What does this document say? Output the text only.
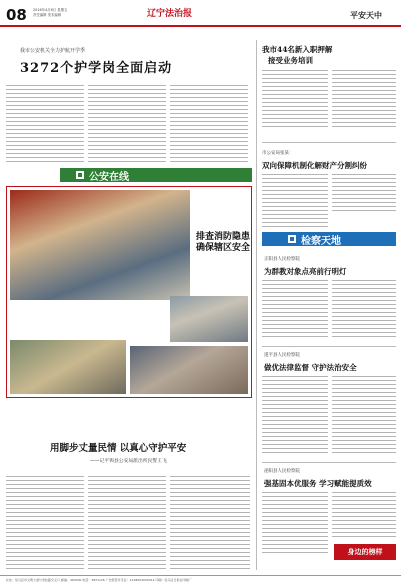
08 2016年4月8日 星期五
责任编辑 美术编辑	辽宁法治报	平安天中
我市公安机关全力护航开学季
3272个护学岗全面启动
我市44名新入职押解
接受业务培训
市公安局张某：
双向保障机制化解财产分割纠纷
公安在线
排查消防隐患
确保辖区安全
用脚步丈量民情 以真心守护平安
——记平舆县公安局派出所民警王飞
检察天地
正阳县人民检察院
为群教对象点亮前行明灯
遂平县人民检察院
做优法律监督 守护法治安全
泌阳县人民检察院
强基固本优服务 学习赋能提质效
身边的榜样
社址：驻马店市文明大道与雪松路交叉口 邮编：463000 电话：3831126 广告经营许可证：4128004000014 印刷：驻马店日报社印刷厂
